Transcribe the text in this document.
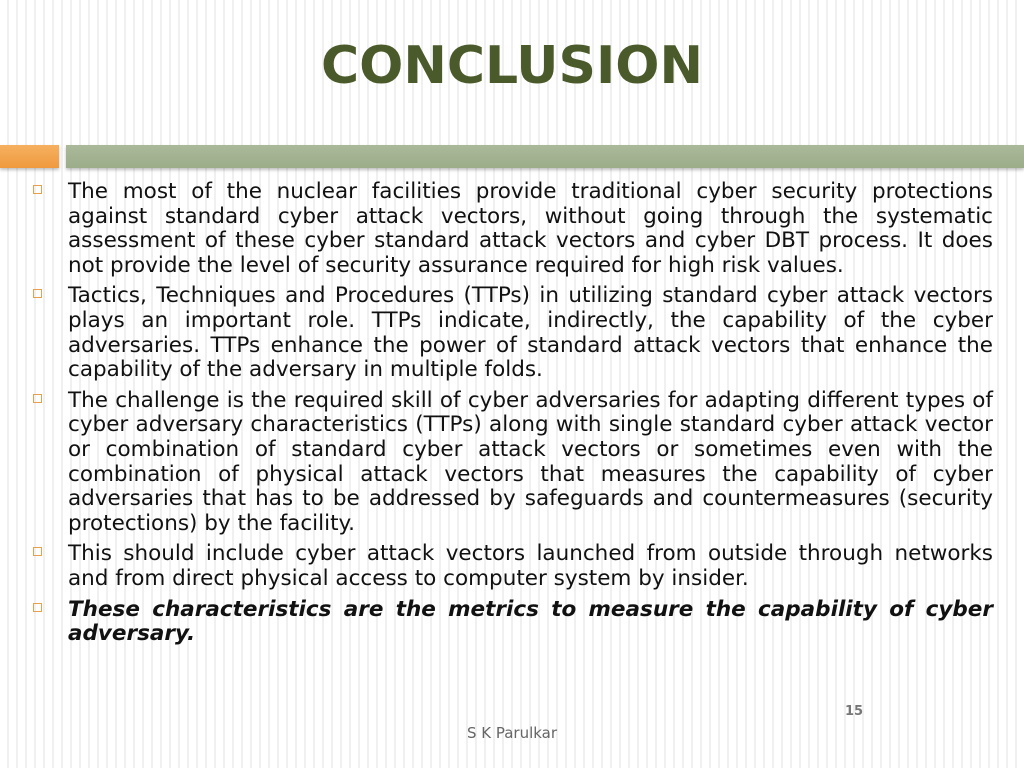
CONCLUSION
The most of the nuclear facilities provide traditional cyber security protections against standard cyber attack vectors, without going through the systematic assessment of these cyber standard attack vectors and cyber DBT process. It does not provide the level of security assurance required for high risk values.
Tactics, Techniques and Procedures (TTPs) in utilizing standard cyber attack vectors plays an important role. TTPs indicate, indirectly, the capability of the cyber adversaries. TTPs enhance the power of standard attack vectors that enhance the capability of the adversary in multiple folds.
The challenge is the required skill of cyber adversaries for adapting different types of cyber adversary characteristics (TTPs) along with single standard cyber attack vector or combination of standard cyber attack vectors or sometimes even with the combination of physical attack vectors that measures the capability of cyber adversaries that has to be addressed by safeguards and countermeasures (security protections) by the facility.
This should include cyber attack vectors launched from outside through networks and from direct physical access to computer system by insider.
These characteristics are the metrics to measure the capability of cyber adversary.
15
S K Parulkar
